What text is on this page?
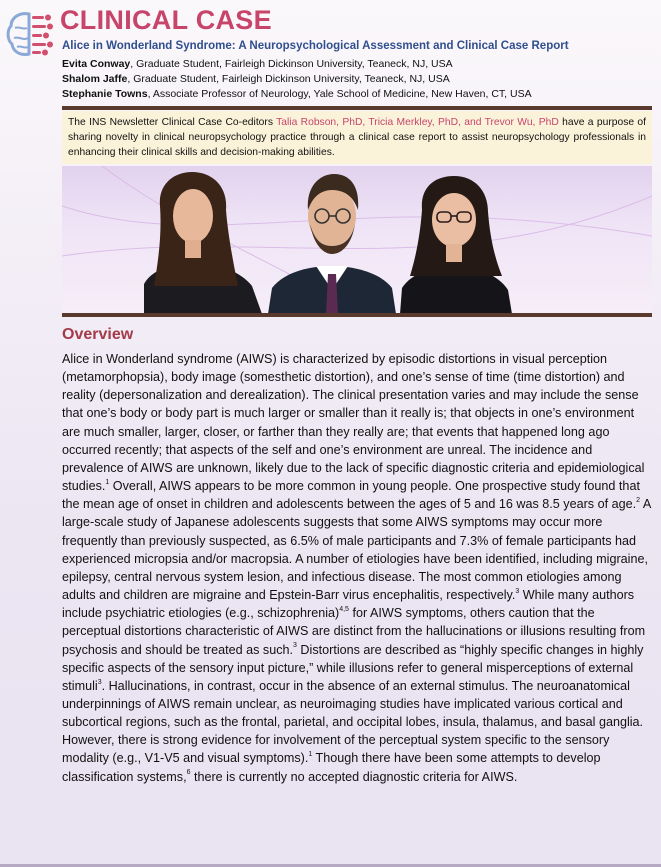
CLINICAL CASE
Alice in Wonderland Syndrome: A Neuropsychological Assessment and Clinical Case Report
Evita Conway, Graduate Student, Fairleigh Dickinson University, Teaneck, NJ, USA
Shalom Jaffe, Graduate Student, Fairleigh Dickinson University, Teaneck, NJ, USA
Stephanie Towns, Associate Professor of Neurology, Yale School of Medicine, New Haven, CT, USA
The INS Newsletter Clinical Case Co-editors Talia Robson, PhD, Tricia Merkley, PhD, and Trevor Wu, PhD have a purpose of sharing novelty in clinical neuropsychology practice through a clinical case report to assist neuropsychology professionals in enhancing their clinical skills and decision-making abilities.
Overview
Alice in Wonderland syndrome (AIWS) is characterized by episodic distortions in visual perception (metamorphopsia), body image (somesthetic distortion), and one’s sense of time (time distortion) and reality (depersonalization and derealization). The clinical presentation varies and may include the sense that one’s body or body part is much larger or smaller than it really is; that objects in one’s environment are much smaller, larger, closer, or farther than they really are; that events that happened long ago occurred recently; that aspects of the self and one’s environment are unreal. The incidence and prevalence of AIWS are unknown, likely due to the lack of specific diagnostic criteria and epidemiological studies.$^1$ Overall, AIWS appears to be more common in young people. One prospective study found that the mean age of onset in children and adolescents between the ages of 5 and 16 was 8.5 years of age.$^2$ A large-scale study of Japanese adolescents suggests that some AIWS symptoms may occur more frequently than previously suspected, as 6.5% of male participants and 7.3% of female participants had experienced micropsia and/or macropsia. A number of etiologies have been identified, including migraine, epilepsy, central nervous system lesion, and infectious disease. The most common etiologies among adults and children are migraine and Epstein-Barr virus encephalitis, respectively.$^3$ While many authors include psychiatric etiologies (e.g., schizophrenia)$^{4,5}$ for AIWS symptoms, others caution that the perceptual distortions characteristic of AIWS are distinct from the hallucinations or illusions resulting from psychosis and should be treated as such.$^3$ Distortions are described as “highly specific changes in highly specific aspects of the sensory input picture,” while illusions refer to general misperceptions of external stimuli$^3$. Hallucinations, in contrast, occur in the absence of an external stimulus. The neuroanatomical underpinnings of AIWS remain unclear, as neuroimaging studies have implicated various cortical and subcortical regions, such as the frontal, parietal, and occipital lobes, insula, thalamus, and basal ganglia. However, there is strong evidence for involvement of the perceptual system specific to the sensory modality (e.g., V1-V5 and visual symptoms).$^1$ Though there have been some attempts to develop classification systems,$^6$ there is currently no accepted diagnostic criteria for AIWS.
